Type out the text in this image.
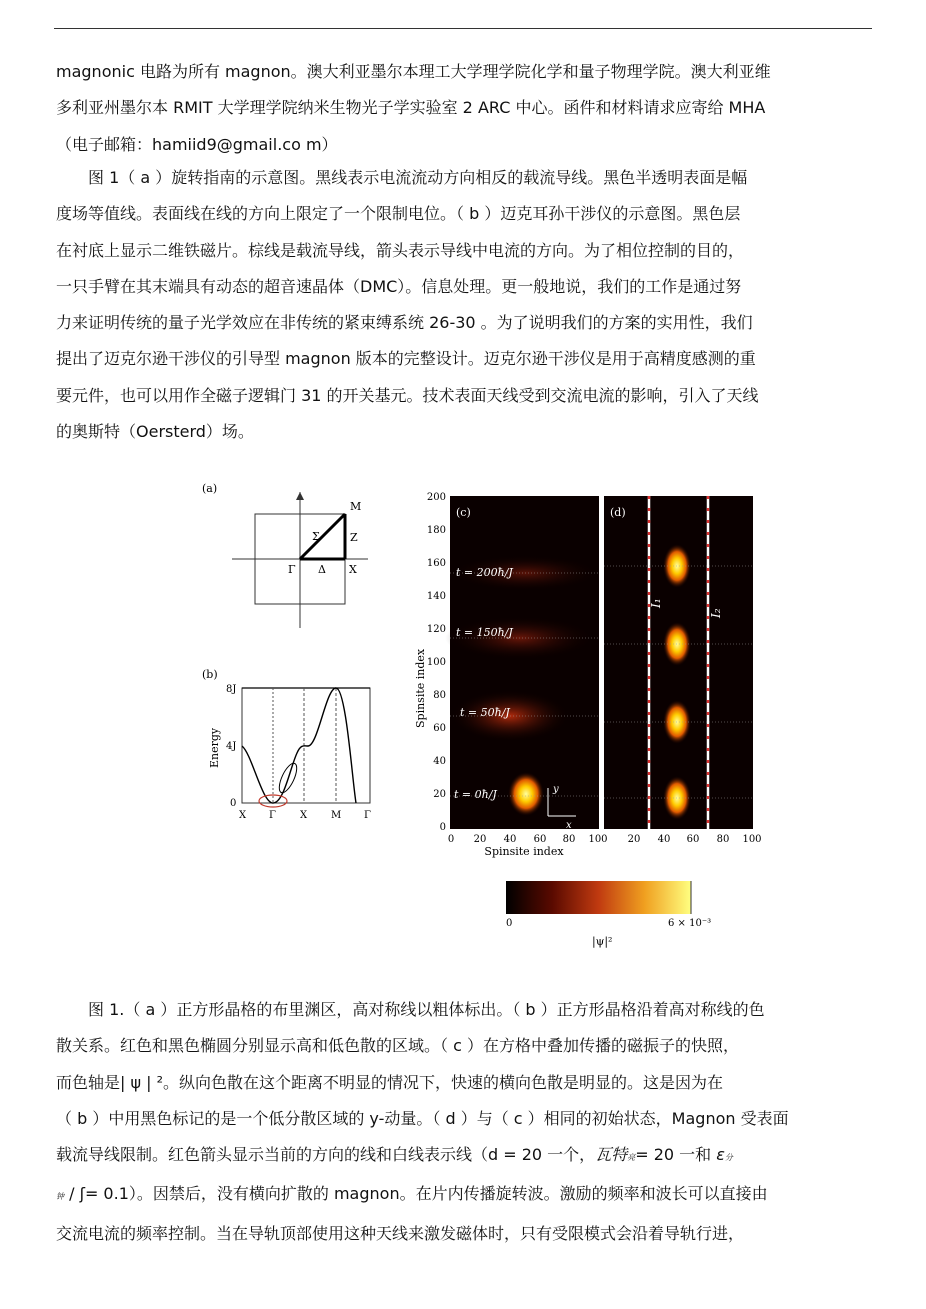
magnonic 电路为所有 magnon。澳大利亚墨尔本理工大学理学院化学和量子物理学院。澳大利亚维

多利亚州墨尔本 RMIT 大学理学院纳米生物光子学实验室 2 ARC 中心。函件和材料请求应寄给 MHA

（电子邮箱：hamiid9@gmail.co m）

图 1（ a ）旋转指南的示意图。黑线表示电流流动方向相反的载流导线。黑色半透明表面是幅

度场等值线。表面线在线的方向上限定了一个限制电位。（ b ）迈克耳孙干涉仪的示意图。黑色层

在衬底上显示二维铁磁片。棕线是载流导线，箭头表示导线中电流的方向。为了相位控制的目的，

一只手臂在其末端具有动态的超音速晶体（DMC）。信息处理。更一般地说，我们的工作是通过努

力来证明传统的量子光学效应在非传统的紧束缚系统 26-30 。为了说明我们的方案的实用性，我们

提出了迈克尔逊干涉仪的引导型 magnon 版本的完整设计。迈克尔逊干涉仪是用于高精度感测的重

要元件，也可以用作全磁子逻辑门 31 的开关基元。技术表面天线受到交流电流的影响，引入了天线

的奥斯特（Oersterd）场。

(a)
M
Σ	Z
Γ Δ X
(b)
8J
4J
0
Energy
X Γ X M Γ
(c)
t = 200ħ/J
t = 150ħ/J
t = 50ħ/J
t = 0ħ/J	y
x
200
180
160
140
120
100
80
60
40
20
0
Spinsite index
0 20 40 60 80 100
Spinsite index
(d)
I₁
I₂
20 40 60 80 100
0	6 × 10⁻³
|ψ|²

图 1.（ a ）正方形晶格的布里渊区，高对称线以粗体标出。（ b ）正方形晶格沿着高对称线的色

散关系。红色和黑色椭圆分别显示高和低色散的区域。（ c ）在方格中叠加传播的磁振子的快照，

而色轴是| ψ | ²。纵向色散在这个距离不明显的情况下，快速的横向色散是明显的。这是因为在

（ b ）中用黑色标记的是一个低分散区域的 y-动量。（ d ）与（ c ）相同的初始状态，Magnon 受表面

载流导线限制。红色箭头显示当前的方向的线和白线表示线（d = 20 一个，瓦特亮= 20 一和 ε分

钟 / ʃ= 0.1）。因禁后，没有横向扩散的 magnon。在片内传播旋转波。激励的频率和波长可以直接由

交流电流的频率控制。当在导轨顶部使用这种天线来激发磁体时，只有受限模式会沿着导轨行进，
